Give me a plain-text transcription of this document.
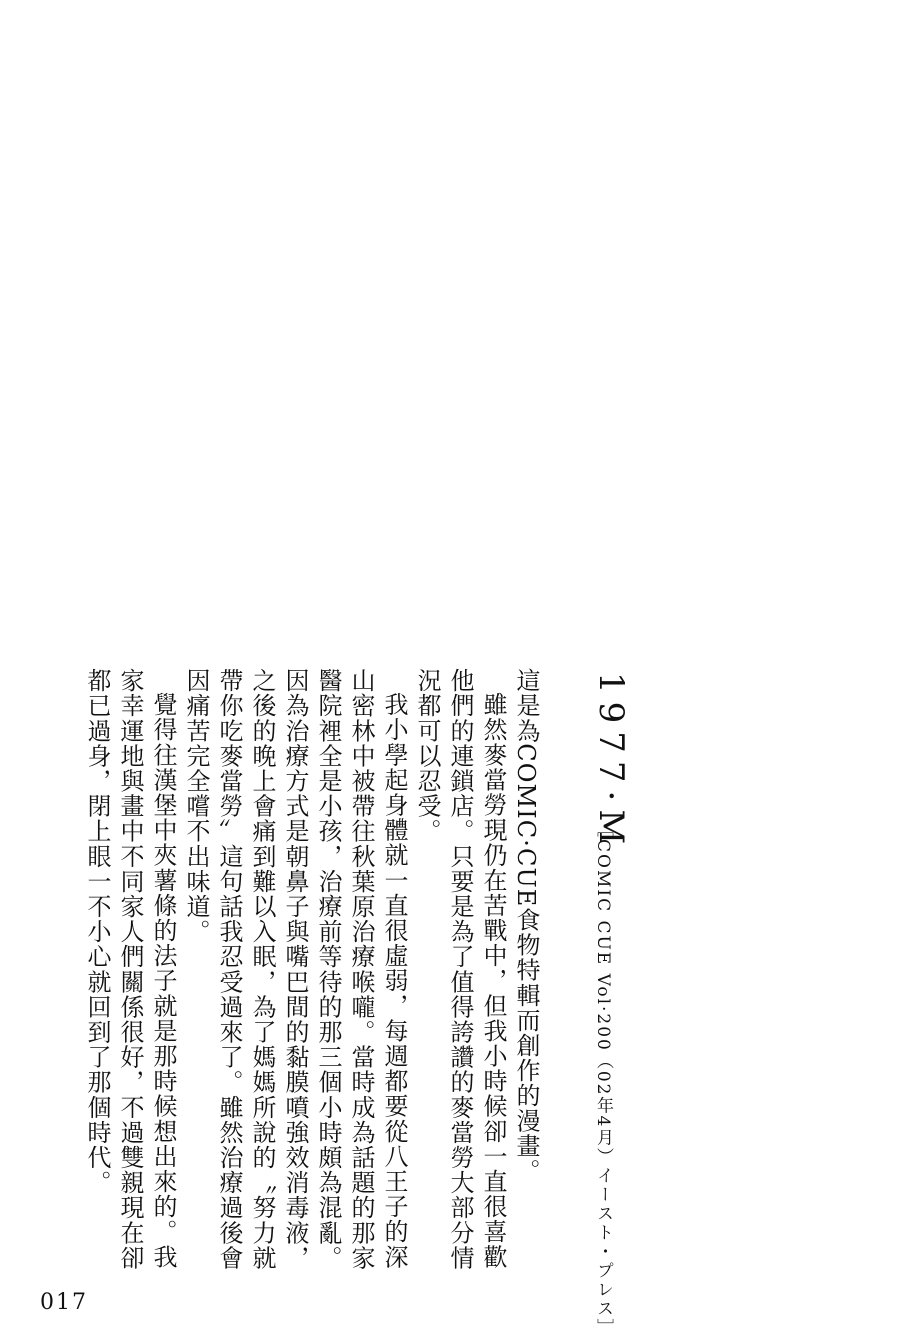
1977·M
［COMIC CUE Vol·200（02年4月）イースト・プレス］

這是為COMIC·CUE食物特輯而創作的漫畫。

雖然麥當勞現仍在苦戰中，但我小時候卻一直很喜歡他們的連鎖店。只要是為了值得誇讚的麥當勞大部分情況都可以忍受。

我小學起身體就一直很虛弱，每週都要從八王子的深山密林中被帶往秋葉原治療喉嚨。當時成為話題的那家醫院裡全是小孩，治療前等待的那三個小時頗為混亂。因為治療方式是朝鼻子與嘴巴間的黏膜噴強效消毒液，之後的晚上會痛到難以入眠，為了媽媽所說的〝努力就帶你吃麥當勞〞這句話我忍受過來了。雖然治療過後會因痛苦完全嚐不出味道。

覺得往漢堡中夾薯條的法子就是那時候想出來的。我家幸運地與畫中不同家人們關係很好，不過雙親現在卻都已過身，閉上眼一不小心就回到了那個時代。

017
